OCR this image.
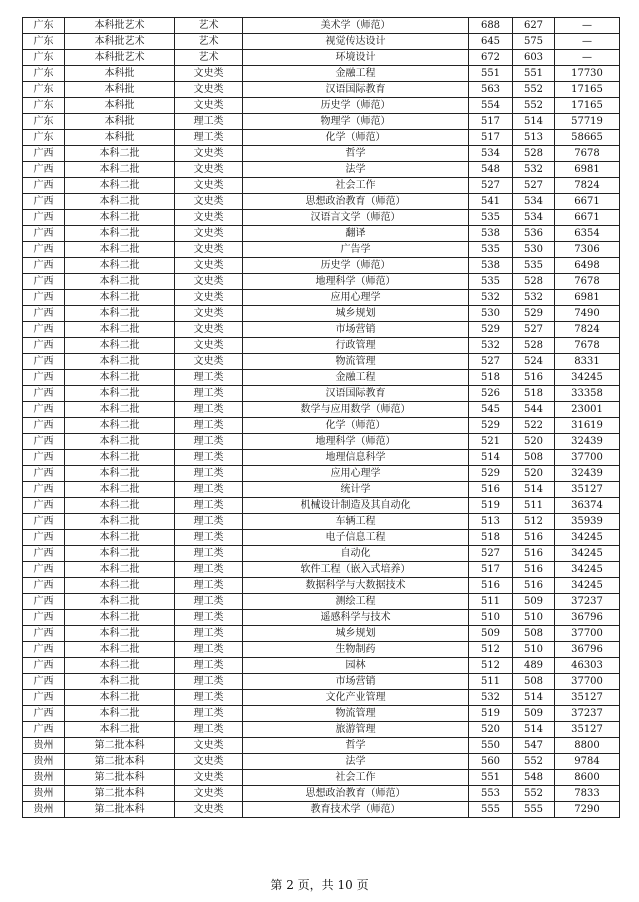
广东	本科批艺术	艺术	美术学（师范）	688	627	—
广东	本科批艺术	艺术	视觉传达设计	645	575	—
广东	本科批艺术	艺术	环境设计	672	603	—
广东	本科批	文史类	金融工程	551	551	17730
广东	本科批	文史类	汉语国际教育	563	552	17165
广东	本科批	文史类	历史学（师范）	554	552	17165
广东	本科批	理工类	物理学（师范）	517	514	57719
广东	本科批	理工类	化学（师范）	517	513	58665
广西	本科二批	文史类	哲学	534	528	7678
广西	本科二批	文史类	法学	548	532	6981
广西	本科二批	文史类	社会工作	527	527	7824
广西	本科二批	文史类	思想政治教育（师范）	541	534	6671
广西	本科二批	文史类	汉语言文学（师范）	535	534	6671
广西	本科二批	文史类	翻译	538	536	6354
广西	本科二批	文史类	广告学	535	530	7306
广西	本科二批	文史类	历史学（师范）	538	535	6498
广西	本科二批	文史类	地理科学（师范）	535	528	7678
广西	本科二批	文史类	应用心理学	532	532	6981
广西	本科二批	文史类	城乡规划	530	529	7490
广西	本科二批	文史类	市场营销	529	527	7824
广西	本科二批	文史类	行政管理	532	528	7678
广西	本科二批	文史类	物流管理	527	524	8331
广西	本科二批	理工类	金融工程	518	516	34245
广西	本科二批	理工类	汉语国际教育	526	518	33358
广西	本科二批	理工类	数学与应用数学（师范）	545	544	23001
广西	本科二批	理工类	化学（师范）	529	522	31619
广西	本科二批	理工类	地理科学（师范）	521	520	32439
广西	本科二批	理工类	地理信息科学	514	508	37700
广西	本科二批	理工类	应用心理学	529	520	32439
广西	本科二批	理工类	统计学	516	514	35127
广西	本科二批	理工类	机械设计制造及其自动化	519	511	36374
广西	本科二批	理工类	车辆工程	513	512	35939
广西	本科二批	理工类	电子信息工程	518	516	34245
广西	本科二批	理工类	自动化	527	516	34245
广西	本科二批	理工类	软件工程（嵌入式培养）	517	516	34245
广西	本科二批	理工类	数据科学与大数据技术	516	516	34245
广西	本科二批	理工类	测绘工程	511	509	37237
广西	本科二批	理工类	遥感科学与技术	510	510	36796
广西	本科二批	理工类	城乡规划	509	508	37700
广西	本科二批	理工类	生物制药	512	510	36796
广西	本科二批	理工类	园林	512	489	46303
广西	本科二批	理工类	市场营销	511	508	37700
广西	本科二批	理工类	文化产业管理	532	514	35127
广西	本科二批	理工类	物流管理	519	509	37237
广西	本科二批	理工类	旅游管理	520	514	35127
贵州	第二批本科	文史类	哲学	550	547	8800
贵州	第二批本科	文史类	法学	560	552	9784
贵州	第二批本科	文史类	社会工作	551	548	8600
贵州	第二批本科	文史类	思想政治教育（师范）	553	552	7833
贵州	第二批本科	文史类	教育技术学（师范）	555	555	7290
第 2 页，共 10 页
